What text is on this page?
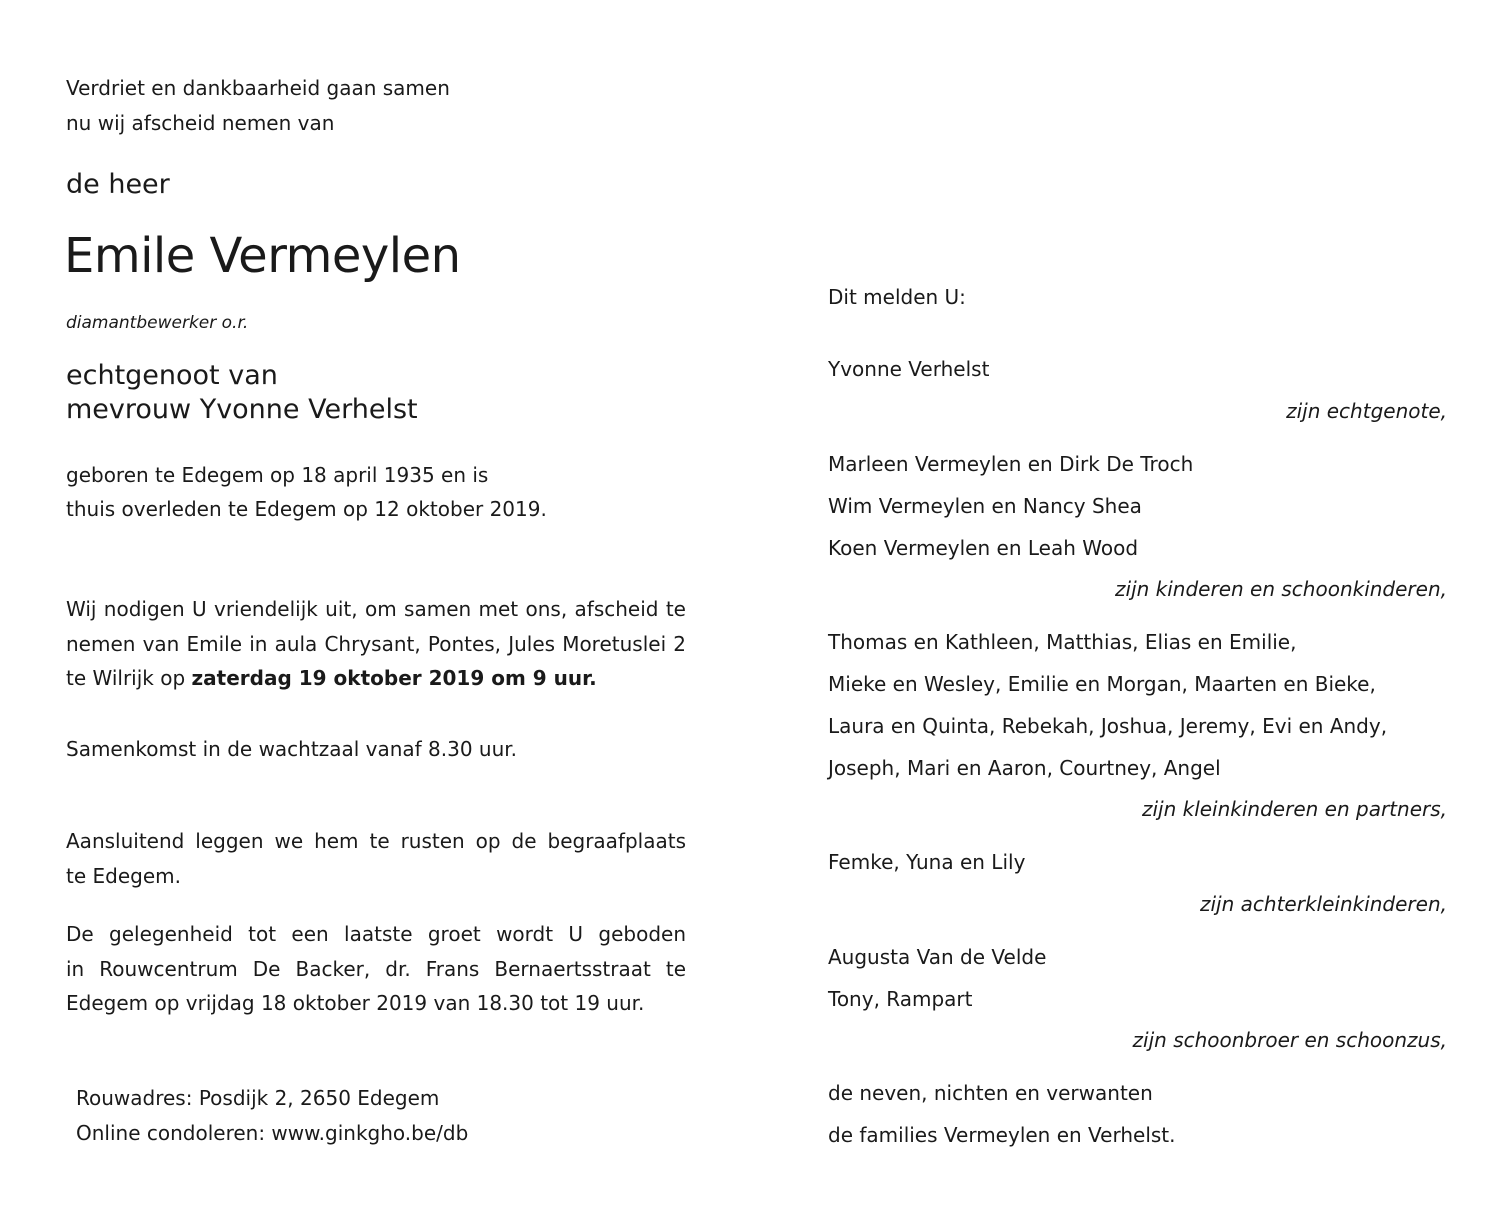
Verdriet en dankbaarheid gaan samen

nu wij afscheid nemen van

de heer

Emile Vermeylen

diamantbewerker o.r.

echtgenoot van

mevrouw Yvonne Verhelst

geboren te Edegem op 18 april 1935 en is

thuis overleden te Edegem op 12 oktober 2019.

Wij nodigen U vriendelijk uit, om samen met ons, afscheid te
nemen van Emile in aula Chrysant, Pontes, Jules Moretuslei 2
te Wilrijk op zaterdag 19 oktober 2019 om 9 uur.

Samenkomst in de wachtzaal vanaf 8.30 uur.

Aansluitend leggen we hem te rusten op de begraafplaats
te Edegem.
De gelegenheid tot een laatste groet wordt U geboden
in Rouwcentrum De Backer, dr. Frans Bernaertsstraat te
Edegem op vrijdag 18 oktober 2019 van 18.30 tot 19 uur.

Rouwadres: Posdijk 2, 2650 Edegem

Online condoleren: www.ginkgho.be/db

Dit melden U:

Yvonne Verhelst

zijn echtgenote,

Marleen Vermeylen en Dirk De Troch

Wim Vermeylen en Nancy Shea

Koen Vermeylen en Leah Wood

zijn kinderen en schoonkinderen,

Thomas en Kathleen, Matthias, Elias en Emilie,

Mieke en Wesley, Emilie en Morgan, Maarten en Bieke,

Laura en Quinta, Rebekah, Joshua, Jeremy, Evi en Andy,

Joseph, Mari en Aaron, Courtney, Angel

zijn kleinkinderen en partners,

Femke, Yuna en Lily

zijn achterkleinkinderen,

Augusta Van de Velde

Tony, Rampart

zijn schoonbroer en schoonzus,

de neven, nichten en verwanten

de families Vermeylen en Verhelst.
